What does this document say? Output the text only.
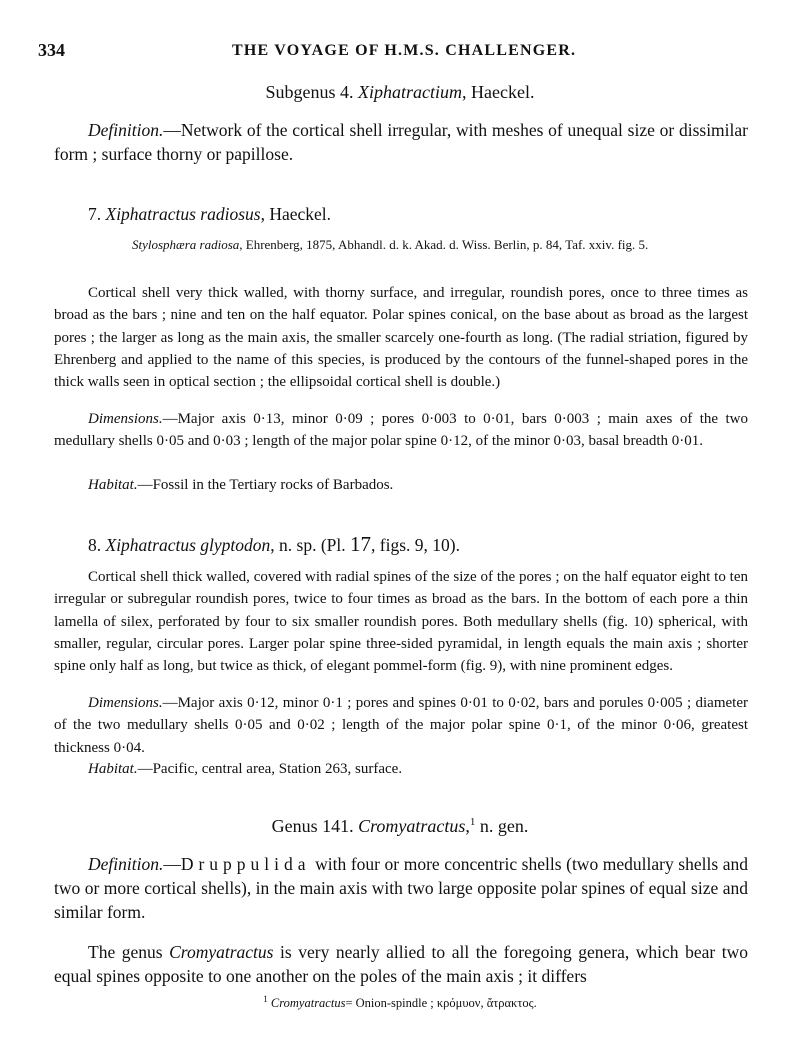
334	THE VOYAGE OF H.M.S. CHALLENGER.
Subgenus 4. Xiphatractium, Haeckel.
Definition.—Network of the cortical shell irregular, with meshes of unequal size or dissimilar form ; surface thorny or papillose.
7. Xiphatractus radiosus, Haeckel.
Stylosphæra radiosa, Ehrenberg, 1875, Abhandl. d. k. Akad. d. Wiss. Berlin, p. 84, Taf. xxiv. fig. 5.
Cortical shell very thick walled, with thorny surface, and irregular, roundish pores, once to three times as broad as the bars ; nine and ten on the half equator. Polar spines conical, on the base about as broad as the largest pores ; the larger as long as the main axis, the smaller scarcely one-fourth as long. (The radial striation, figured by Ehrenberg and applied to the name of this species, is produced by the contours of the funnel-shaped pores in the thick walls seen in optical section ; the ellipsoidal cortical shell is double.)
Dimensions.—Major axis 0·13, minor 0·09 ; pores 0·003 to 0·01, bars 0·003 ; main axes of the two medullary shells 0·05 and 0·03 ; length of the major polar spine 0·12, of the minor 0·03, basal breadth 0·01.
Habitat.—Fossil in the Tertiary rocks of Barbados.
8. Xiphatractus glyptodon, n. sp. (Pl. 17, figs. 9, 10).
Cortical shell thick walled, covered with radial spines of the size of the pores ; on the half equator eight to ten irregular or subregular roundish pores, twice to four times as broad as the bars. In the bottom of each pore a thin lamella of silex, perforated by four to six smaller roundish pores. Both medullary shells (fig. 10) spherical, with smaller, regular, circular pores. Larger polar spine three-sided pyramidal, in length equals the main axis ; shorter spine only half as long, but twice as thick, of elegant pommel-form (fig. 9), with nine prominent edges.
Dimensions.—Major axis 0·12, minor 0·1 ; pores and spines 0·01 to 0·02, bars and porules 0·005 ; diameter of the two medullary shells 0·05 and 0·02 ; length of the major polar spine 0·1, of the minor 0·06, greatest thickness 0·04.
Habitat.—Pacific, central area, Station 263, surface.
Genus 141. Cromyatractus,$^1$ n. gen.
Definition.—Druppulida with four or more concentric shells (two medullary shells and two or more cortical shells), in the main axis with two large opposite polar spines of equal size and similar form.
The genus Cromyatractus is very nearly allied to all the foregoing genera, which bear two equal spines opposite to one another on the poles of the main axis ; it differs
$^1$ Cromyatractus= Onion-spindle ; κρόμυον, ἄτρακτος.
